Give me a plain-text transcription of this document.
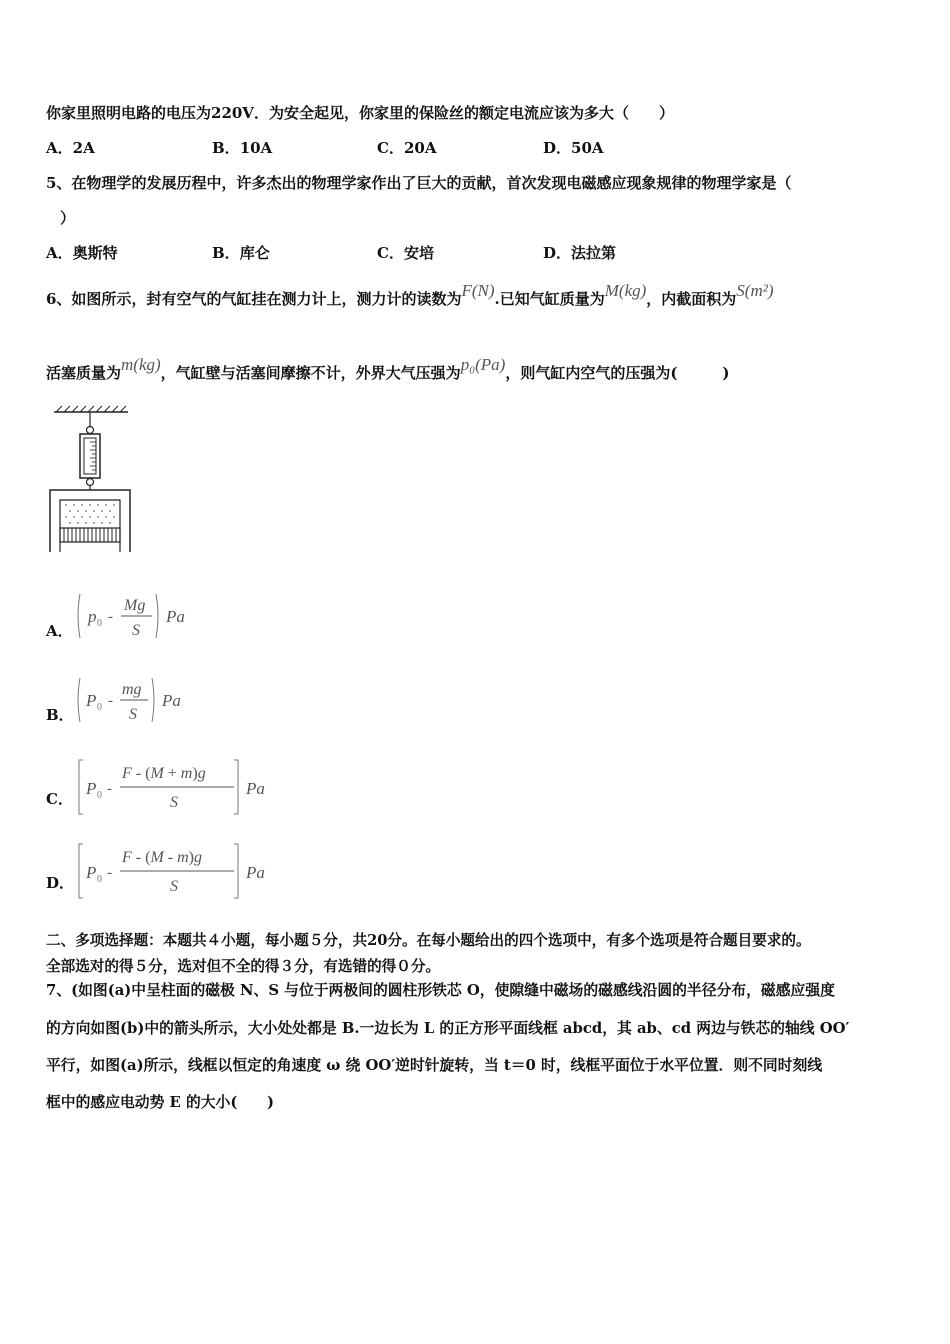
你家里照明电路的电压为220V．为安全起见，你家里的保险丝的额定电流应该为多大（　　）
A．2A	B．10A	C．20A	D．50A
5、在物理学的发展历程中，许多杰出的物理学家作出了巨大的贡献，首次发现电磁感应现象规律的物理学家是（
）
A．奥斯特	B．库仑	C．安培	D．法拉第
6、如图所示，封有空气的气缸挂在测力计上，测力计的读数为F(N).已知气缸质量为M(kg)，内截面积为S(m²)
活塞质量为m(kg)，气缸壁与活塞间摩擦不计，外界大气压强为p₀(Pa)，则气缸内空气的压强为(　　　)
A．
p 0 -
Mg
S
Pa
B．
P 0 -
mg
S
Pa
C．
P 0 -
F - (M + m)g
S
Pa
D．
P 0 -
F - (M - m)g
S
Pa
二、多项选择题：本题共４小题，每小题５分，共20分。在每小题给出的四个选项中，有多个选项是符合题目要求的。
全部选对的得５分，选对但不全的得３分，有选错的得０分。
7、(如图(a)中呈柱面的磁极 N、S 与位于两极间的圆柱形铁芯 O，使隙缝中磁场的磁感线沿圆的半径分布，磁感应强度
的方向如图(b)中的箭头所示，大小处处都是 B.一边长为 L 的正方形平面线框 abcd，其 ab、cd 两边与铁芯的轴线 OO′
平行，如图(a)所示，线框以恒定的角速度 ω 绕 OO′逆时针旋转，当 t＝0 时，线框平面位于水平位置．则不同时刻线
框中的感应电动势 E 的大小(　　)
